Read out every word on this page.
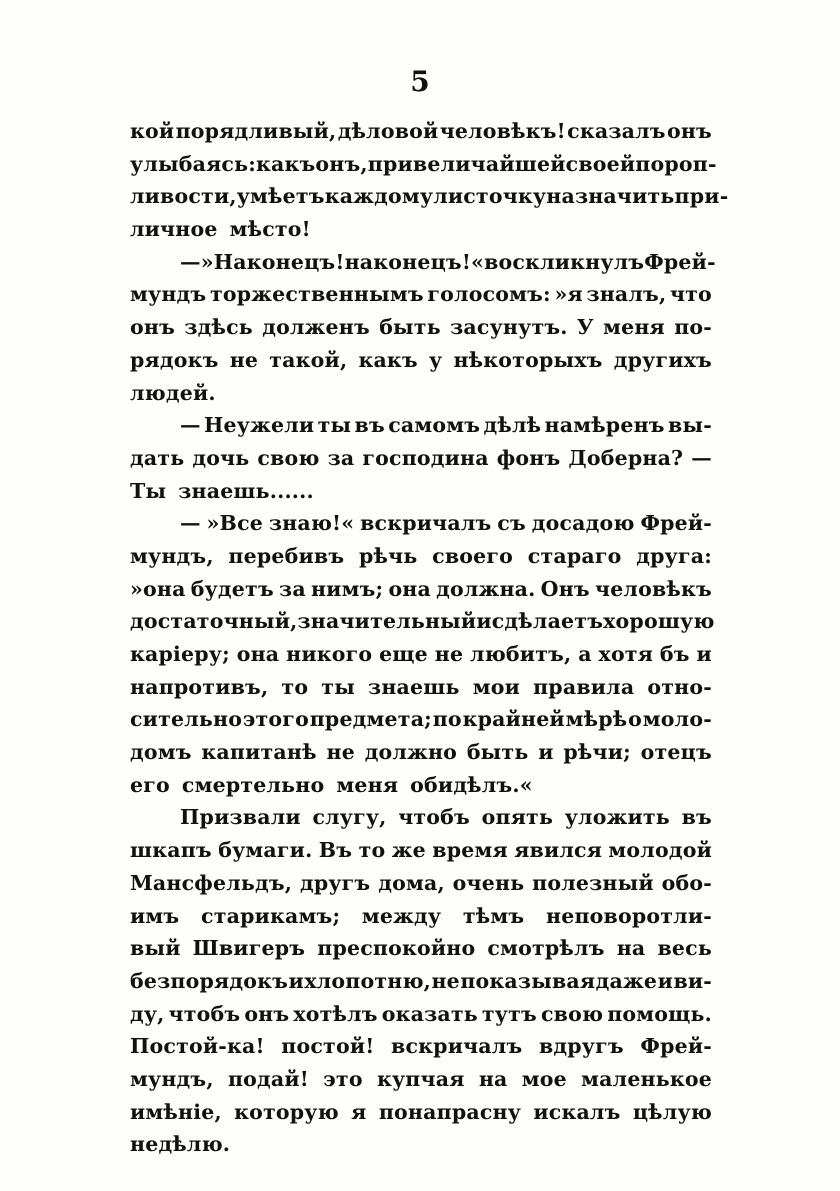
5
кой порядливый, дѣловой человѣкъ! сказалъ онъ
улыбаясь: какъ онъ, при величайшей своей пороп-
ливости, умѣетъ каждому листочку назначить при-
личное мѣсто!
— »Наконецъ! наконецъ!« воскликнулъ Фрей-
мундъ торжественнымъ голосомъ: »я зналъ, что
онъ здѣсь долженъ быть засунутъ. У меня по-
рядокъ не такой, какъ у нѣкоторыхъ другихъ
людей.
— Неужели ты въ самомъ дѣлѣ намѣренъ вы-
дать дочь свою за господина фонъ Доберна? —
Ты знаешь......
— »Все знаю!« вскричалъ съ досадою Фрей-
мундъ, перебивъ рѣчь своего стараго друга:
»она будетъ за нимъ; она должна. Онъ человѣкъ
достаточный, значительный и сдѣлаетъ хорошую
каріеру; она никого еще не любитъ, а хотя бъ и
напротивъ, то ты знаешь мои правила отно-
сительно этого предмета; по крайней мѣрѣ о моло-
домъ капитанѣ не должно быть и рѣчи; отецъ
его смертельно меня обидѣлъ.«
Призвали слугу, чтобъ опять уложить въ
шкапъ бумаги. Въ то же время явился молодой
Мансфельдъ, другъ дома, очень полезный обо-
имъ старикамъ; между тѣмъ неповоротли-
вый Швигеръ преспокойно смотрѣлъ на весь
безпорядокъ и хлопотню, не показывая даже и ви-
ду, чтобъ онъ хотѣлъ оказать тутъ свою помощь.
Постой-ка! постой! вскричалъ вдругъ Фрей-
мундъ, подай! это купчая на мое маленькое
имѣніе, которую я понапрасну искалъ цѣлую
недѣлю.
